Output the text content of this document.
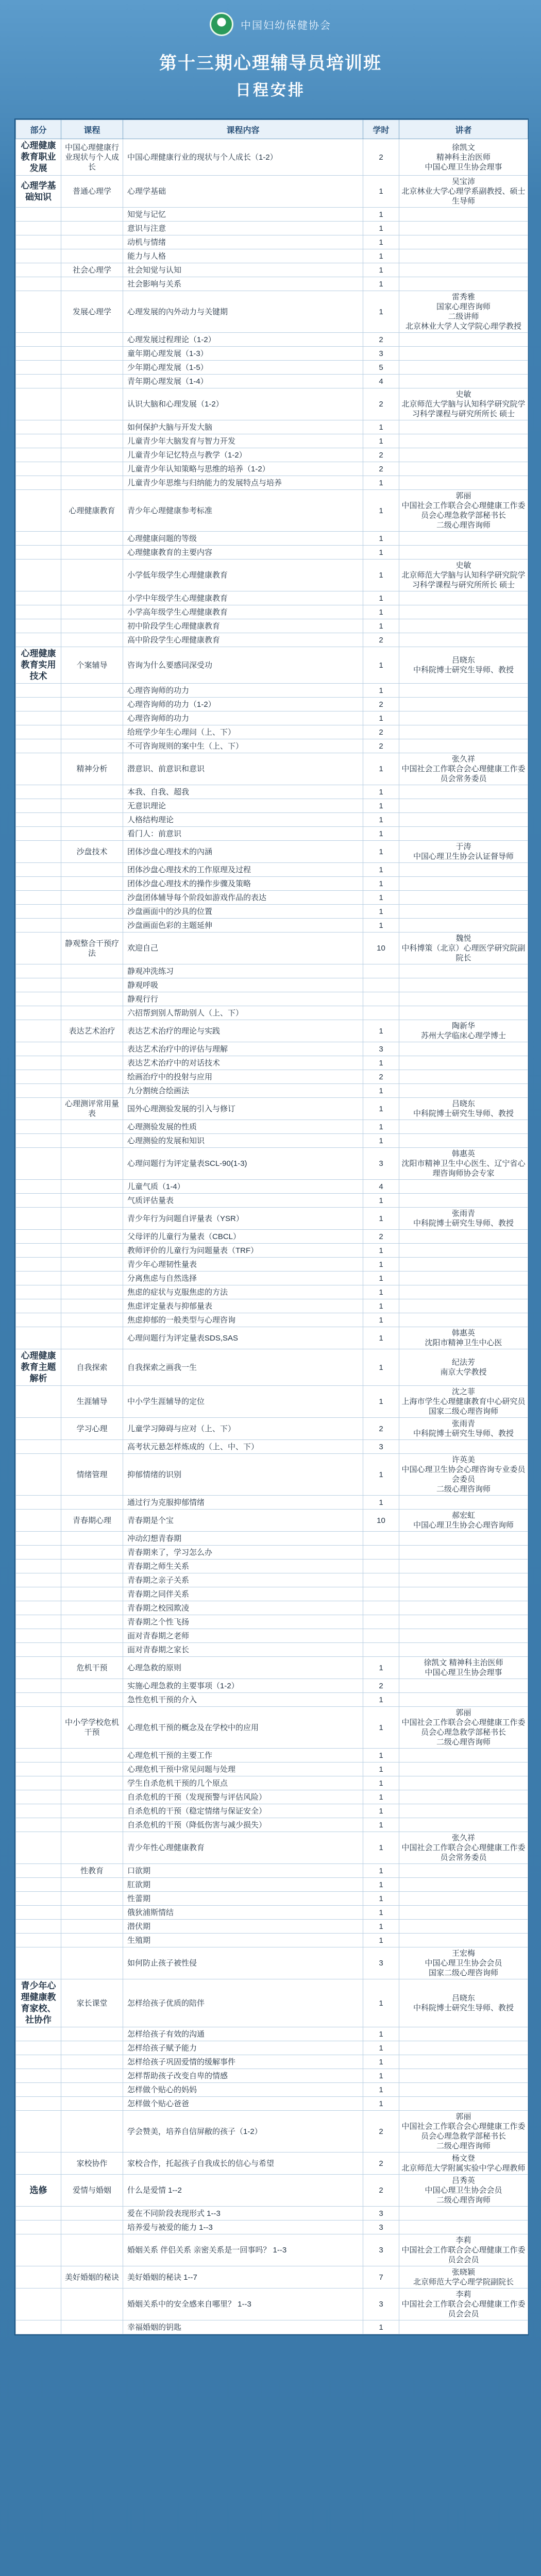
中国妇幼保健协会
第十三期心理辅导员培训班
日程安排
部分	课程	课程内容	学时	讲者
心理健康教育职业发展	中国心理健康行业现状与个人成长	中国心理健康行业的现状与个人成长（1-2）	2	徐凯文
精神科主治医师
中国心理卫生协会理事
心理学基础知识	普通心理学	心理学基础	1	吴宝沛
北京林业大学心理学系副教授、硕士生导师
		知觉与记忆	1	
		意识与注意	1	
		动机与情绪	1	
		能力与人格	1	
	社会心理学	社会知觉与认知	1	
		社会影响与关系	1	
	发展心理学	心理发展的內外动力与关键期	1	雷秀雅
国家心理咨询师
二级讲师
北京林业大学人文学院心理学教授
		心理发展过程理论（1-2）	2	
		童年期心理发展（1-3）	3	
		少年期心理发展（1-5）	5	
		青年期心理发展（1-4）	4	
		认识大脑和心理发展（1-2）	2	史敏
北京师范大学脑与认知科学研究院学习科学课程与研究所所长 硕士
		如何保护大脑与开发大脑	1	
		儿童青少年大脑发育与智力开发	1	
		儿童青少年记忆特点与教学（1-2）	2	
		儿童青少年认知策略与思维的培养（1-2）	2	
		儿童青少年思维与归纳能力的发展特点与培养	1	
	心理健康教育	青少年心理健康参考标准	1	郭丽
中国社会工作联合会心理健康工作委员会心理急救学部秘书长
二级心理咨询师
		心理健康问题的等级	1	
		心理健康教育的主要内容	1	
		小学低年级学生心理健康教育	1	史敏
北京师范大学脑与认知科学研究院学习科学课程与研究所所长 硕士
		小学中年级学生心理健康教育	1	
		小学高年级学生心理健康教育	1	
		初中阶段学生心理健康教育	1	
		高中阶段学生心理健康教育	2	
心理健康教育实用技术	个案辅导	咨询为什么要感同深受功	1	吕晓东
中科院博士研究生导师、教授
		心理咨询师的功力	1	
		心理咨询师的功力（1-2）	2	
		心理咨询师的功力	1	
		给班学少年生心理问（上、下）	2	
		不可咨询规则的案中生（上、下）	2	
	精神分析	潜意识、前意识和意识	1	张久祥
中国社会工作联合会心理健康工作委员会常务委员
		本我、自我、超我	1	
		无意识理论	1	
		人格结构理论	1	
		看门人：前意识	1	
	沙盘技术	团体沙盘心理技术的內涵	1	于涛
中国心理卫生协会认证督导师
		团体沙盘心理技术的工作原理及过程	1	
		团体沙盘心理技术的操作步骤及策略	1	
		沙盘团体辅导每个阶段如游戏作品的表达	1	
		沙盘画面中的沙具的位置	1	
		沙盘画面色彩的主题延伸	1	
	静观整合干预疗法	欢迎自己	10	魏悦
中科博策（北京）心理医学研究院副院长
		静观冲洗练习		
		静观呼吸		
		静观行行		
		六招帮到别人帮助别人（上、下）		
	表达艺术治疗	表达艺术治疗的理论与实践	1	陶新华
苏州大学临床心理学博士
		表达艺术治疗中的评估与理解	3	
		表达艺术治疗中的对话技术	1	
		绘画治疗中的投射与应用	2	
		九分割统合绘画法	1	
	心理测评常用量表	国外心理测验发展的引入与修订	1	吕晓东
中科院博士研究生导师、教授
		心理测验发展的性质	1	
		心理测验的发展和知识	1	
		心理问题行为评定量表SCL-90(1-3)	3	韩惠英
沈阳市精神卫生中心医生、辽宁省心理咨询师协会专家
		儿童气质（1-4）	4	
		气质评估量表	1	
		青少年行为问题自评量表（YSR）	1	张雨青
中科院博士研究生导师、教授
		父母评的儿童行为量表（CBCL）	2	
		教师评价的儿童行为问题量表（TRF）	1	
		青少年心理韧性量表	1	
		分离焦虑与自然选择	1	
		焦虑的症状与克服焦虑的方法	1	
		焦虑评定量表与抑郁量表	1	
		焦虑抑郁的一般类型与心理咨询	1	
		心理问题行为评定量表SDS,SAS	1	韩惠英
沈阳市精神卫生中心医
心理健康教育主题解析	自我探索	自我探索之画我一生	1	纪法芳
南京大学教授
	生涯辅导	中小学生涯辅导的定位	1	沈之菲
上海市学生心理健康教育中心研究员
国家二级心理咨询师
	学习心理	儿童学习障碍与应对（上、下）	2	张雨青
中科院博士研究生导师、教授
		高考状元悬怎样炼成的（上、中、下）	3	
	情绪管理	抑郁情绪的识别	1	许英美
中国心理卫生协会心理咨询专业委员会委员
二级心理咨询师
		通过行为克服抑郁情绪	1	
	青春期心理	青春期是个宝	10	郝宏虹
中国心理卫生协会心理咨询师
		冲动幻想青春期		
		青春期来了，学习怎么办		
		青春期之师生关系		
		青春期之亲子关系		
		青春期之同伴关系		
		青春期之校园欺凌		
		青春期之个性飞扬		
		面对青春期之老师		
		面对青春期之家长		
	危机干预	心理急救的原则	1	徐凯文 精神科主治医师
中国心理卫生协会理事
		实施心理急救的主要事项（1-2）	2	
		急性危机干预的介入	1	
	中小学学校危机干预	心理危机干预的概念及在学校中的应用	1	郭丽
中国社会工作联合会心理健康工作委员会心理急救学部秘书长
二级心理咨询师
		心理危机干预的主要工作	1	
		心理危机干预中常见问题与处理	1	
		学生自杀危机干预的几个原点	1	
		自杀危机的干预（发现预警与评估风险）	1	
		自杀危机的干预（稳定情绪与保证安全）	1	
		自杀危机的干预（降低伤害与减少损失）	1	
		青少年性心理健康教育	1	张久祥
中国社会工作联合会心理健康工作委员会常务委员
	性教育	口欲期	1	
		肛欲期	1	
		性蕾期	1	
		俄狄浦斯情结	1	
		潜伏期	1	
		生殖期	1	
		如何防止孩子被性侵	3	王宏梅
中国心理卫生协会会员
国家二级心理咨询师
青少年心理健康教育家校、社协作	家长课堂	怎样给孩子优质的陪伴	1	吕晓东
中科院博士研究生导师、教授
		怎样给孩子有效的沟通	1	
		怎样给孩子赋予能力	1	
		怎样给孩子巩固爱情的缓解事件	1	
		怎样帮助孩子改变自卑的情感	1	
		怎样做个贴心的妈妈	1	
		怎样做个贴心爸爸	1	
		学会赞美，培养自信屏敝的孩子（1-2）	2	郭丽
中国社会工作联合会心理健康工作委员会心理急救学部秘书长
二级心理咨询师
	家校协作	家校合作，托起孩子自我成长的信心与希望	2	杨文登
北京师范大学附属实验中学心理教师
选修	爱情与婚姻	什么是爱情 1--2	2	吕秀英
中国心理卫生协会会员
二级心理咨询师
		爱在不同阶段表现形式 1--3	3	
		培养爱与被爱的能力 1--3	3	
		婚姻关系 伴侣关系 亲密关系是一回事吗？ 1--3	3	李莉
中国社会工作联合会心理健康工作委员会会员
	美好婚姻的秘诀	美好婚姻的秘诀 1--7	7	张晓颖
北京师范大学心理学院副院长
		婚姻关系中的安全感来自哪里？ 1--3	3	李莉
中国社会工作联合会心理健康工作委员会会员
		幸福婚姻的钥匙	1	
